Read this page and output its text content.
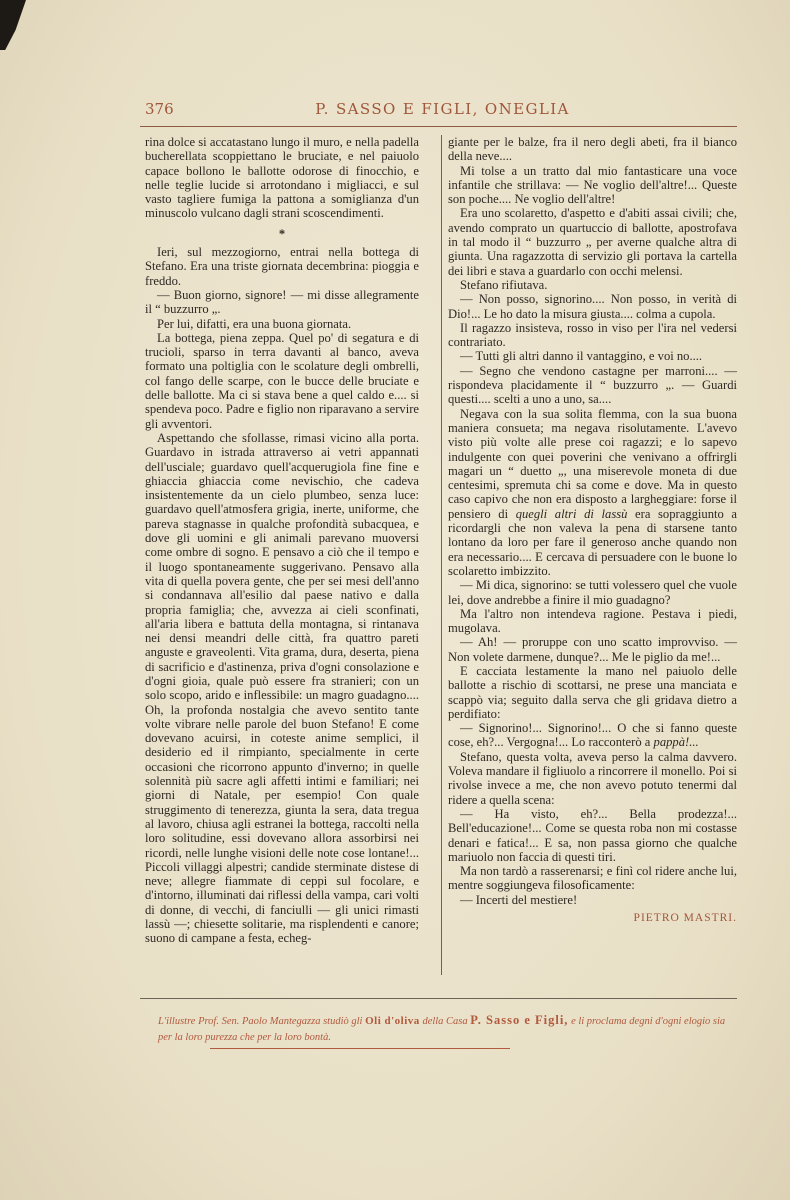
376	P. SASSO E FIGLI, ONEGLIA

rina dolce si accatastano lungo il muro, e nella padella bucherellata scoppiettano le bruciate, e nel paiuolo capace bollono le ballotte odorose di finocchio, e nelle teglie lucide si arrotondano i migliacci, e sul vasto tagliere fumiga la pattona a somiglianza d'un minuscolo vulcano dagli strani scoscendimenti.

*

Ieri, sul mezzogiorno, entrai nella bottega di Stefano. Era una triste giornata decembrina: pioggia e freddo.

— Buon giorno, signore! — mi disse allegramente il “ buzzurro „.

Per lui, difatti, era una buona giornata.

La bottega, piena zeppa. Quel po' di segatura e di trucioli, sparso in terra davanti al banco, aveva formato una poltiglia con le scolature degli ombrelli, col fango delle scarpe, con le bucce delle bruciate e delle ballotte. Ma ci si stava bene a quel caldo e.... si spendeva poco. Padre e figlio non riparavano a servire gli avventori.

Aspettando che sfollasse, rimasi vicino alla porta. Guardavo in istrada attraverso ai vetri appannati dell'usciale; guardavo quell'acquerugiola fine fine e ghiaccia ghiaccia come nevischio, che cadeva insistentemente da un cielo plumbeo, senza luce: guardavo quell'atmosfera grigia, inerte, uniforme, che pareva stagnasse in qualche profondità subacquea, e dove gli uomini e gli animali parevano muoversi come ombre di sogno. E pensavo a ciò che il tempo e il luogo spontaneamente suggerivano. Pensavo alla vita di quella povera gente, che per sei mesi dell'anno si condannava all'esilio dal paese nativo e dalla propria famiglia; che, avvezza ai cieli sconfinati, all'aria libera e battuta della montagna, si rintanava nei densi meandri delle città, fra quattro pareti anguste e graveolenti. Vita grama, dura, deserta, piena di sacrificio e d'astinenza, priva d'ogni consolazione e d'ogni gioia, quale può essere fra stranieri; con un solo scopo, arido e inflessibile: un magro guadagno.... Oh, la profonda nostalgia che avevo sentito tante volte vibrare nelle parole del buon Stefano! E come dovevano acuirsi, in coteste anime semplici, il desiderio ed il rimpianto, specialmente in certe occasioni che ricorrono appunto d'inverno; in quelle solennità più sacre agli affetti intimi e familiari; nei giorni di Natale, per esempio! Con quale struggimento di tenerezza, giunta la sera, data tregua al lavoro, chiusa agli estranei la bottega, raccolti nella loro solitudine, essi dovevano allora assorbirsi nei ricordi, nelle lunghe visioni delle note cose lontane!... Piccoli villaggi alpestri; candide sterminate distese di neve; allegre fiammate di ceppi sul focolare, e d'intorno, illuminati dai riflessi della vampa, cari volti di donne, di vecchi, di fanciulli — gli unici rimasti lassù —; chiesette solitarie, ma risplendenti e canore; suono di campane a festa, echeg-

giante per le balze, fra il nero degli abeti, fra il bianco della neve....

Mi tolse a un tratto dal mio fantasticare una voce infantile che strillava: — Ne voglio dell'altre!... Queste son poche.... Ne voglio dell'altre!

Era uno scolaretto, d'aspetto e d'abiti assai civili; che, avendo comprato un quartuccio di ballotte, apostrofava in tal modo il “ buzzurro „ per averne qualche altra di giunta. Una ragazzotta di servizio gli portava la cartella dei libri e stava a guardarlo con occhi melensi.

Stefano rifiutava.

— Non posso, signorino.... Non posso, in verità di Dio!... Le ho dato la misura giusta.... colma a cupola.

Il ragazzo insisteva, rosso in viso per l'ira nel vedersi contrariato.

— Tutti gli altri danno il vantaggino, e voi no....

— Segno che vendono castagne per marroni.... — rispondeva placidamente il “ buzzurro „. — Guardi questi.... scelti a uno a uno, sa....

Negava con la sua solita flemma, con la sua buona maniera consueta; ma negava risolutamente. L'avevo visto più volte alle prese coi ragazzi; e lo sapevo indulgente con quei poverini che venivano a offrirgli magari un “ duetto „, una miserevole moneta di due centesimi, spremuta chi sa come e dove. Ma in questo caso capivo che non era disposto a largheggiare: forse il pensiero di quegli altri di lassù era sopraggiunto a ricordargli che non valeva la pena di starsene tanto lontano da loro per fare il generoso anche quando non era necessario.... E cercava di persuadere con le buone lo scolaretto imbizzito.

— Mi dica, signorino: se tutti volessero quel che vuole lei, dove andrebbe a finire il mio guadagno?

Ma l'altro non intendeva ragione. Pestava i piedi, mugolava.

— Ah! — proruppe con uno scatto improvviso. — Non volete darmene, dunque?... Me le piglio da me!...

E cacciata lestamente la mano nel paiuolo delle ballotte a rischio di scottarsi, ne prese una manciata e scappò via; seguito dalla serva che gli gridava dietro a perdifiato:

— Signorino!... Signorino!... O che si fanno queste cose, eh?... Vergogna!... Lo racconterò a pappà!...

Stefano, questa volta, aveva perso la calma davvero. Voleva mandare il figliuolo a rincorrere il monello. Poi si rivolse invece a me, che non avevo potuto tenermi dal ridere a quella scena:

— Ha visto, eh?... Bella prodezza!... Bell'educazione!... Come se questa roba non mi costasse denari e fatica!... E sa, non passa giorno che qualche mariuolo non faccia di questi tiri.

Ma non tardò a rasserenarsi; e finì col ridere anche lui, mentre soggiungeva filosoficamente:

— Incerti del mestiere!

PIETRO MASTRI.
L'illustre Prof. Sen. Paolo Mantegazza studiò gli Oli d'oliva della Casa P. Sasso e Figli, e li proclama degni d'ogni elogio sia per la loro purezza che per la loro bontà.
